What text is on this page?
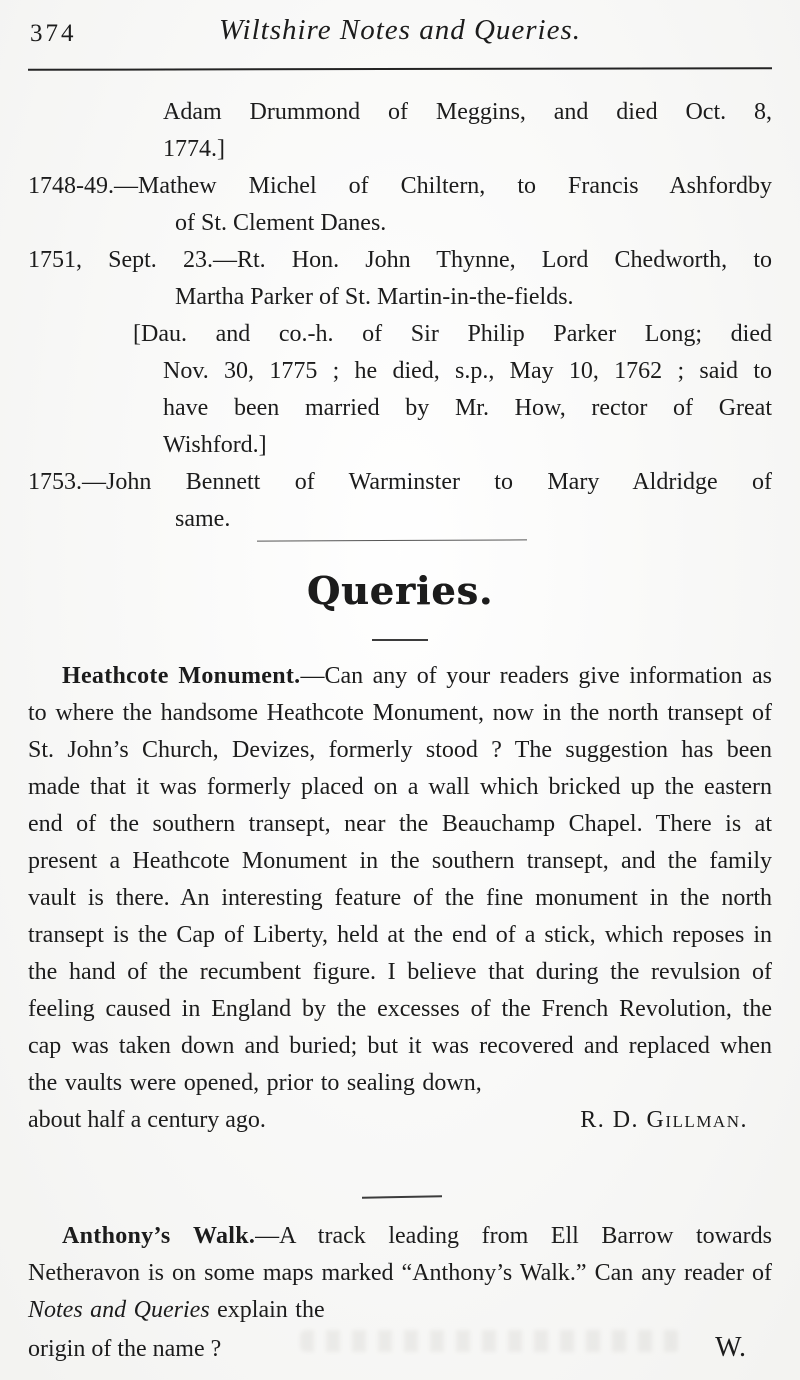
374	Wiltshire Notes and Queries.
Adam Drummond of Meggins, and died Oct. 8,
1774.]
1748-49.—Mathew Michel of Chiltern, to Francis Ashfordby
of St. Clement Danes.
1751, Sept. 23.—Rt. Hon. John Thynne, Lord Chedworth, to
Martha Parker of St. Martin-in-the-fields.
[Dau. and co.-h. of Sir Philip Parker Long; died
Nov. 30, 1775 ; he died, s.p., May 10, 1762 ; said to
have been married by Mr. How, rector of Great
Wishford.]
1753.—John Bennett of Warminster to Mary Aldridge of
same.
Queries.

Heathcote Monument.—Can any of your readers give information as to where the handsome Heathcote Monument, now in the north transept of St. John’s Church, Devizes, formerly stood ? The suggestion has been made that it was formerly placed on a wall which bricked up the eastern end of the southern transept, near the Beauchamp Chapel. There is at present a Heathcote Monument in the southern transept, and the family vault is there. An interesting feature of the fine monument in the north transept is the Cap of Liberty, held at the end of a stick, which reposes in the hand of the recumbent figure. I believe that during the revulsion of feeling caused in England by the excesses of the French Revolution, the cap was taken down and buried; but it was recovered and replaced when the vaults were opened, prior to sealing down,

about half a century ago.	R. D. Gillman.

Anthony’s Walk.—A track leading from Ell Barrow towards Netheravon is on some maps marked “Anthony’s Walk.” Can any reader of Notes and Queries explain the

origin of the name ?	W.
